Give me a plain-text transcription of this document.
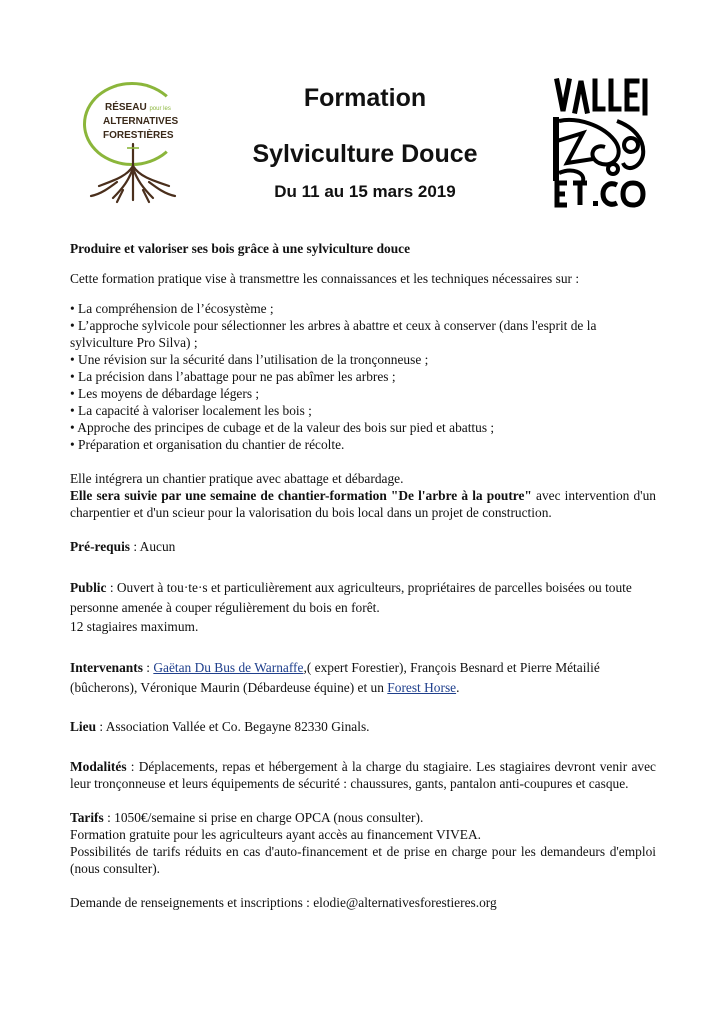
RÉSEAU pour les
ALTERNATIVES
FORESTIÈRES
Formation
Sylviculture Douce
Du 11 au 15 mars 2019

Produire et valoriser ses bois grâce à une sylviculture douce

Cette formation pratique vise à transmettre les connaissances et les techniques nécessaires sur :

• La compréhension de l’écosystème ;

• L’approche sylvicole pour sélectionner les arbres à abattre et ceux à conserver (dans l'esprit de la sylviculture Pro Silva) ;

• Une révision sur la sécurité dans l’utilisation de la tronçonneuse ;

• La précision dans l’abattage pour ne pas abîmer les arbres ;

• Les moyens de débardage légers ;

• La capacité à valoriser localement les bois ;

• Approche des principes de cubage et de la valeur des bois sur pied et abattus ;

• Préparation et organisation du chantier de récolte.

Elle intégrera un chantier pratique avec abattage et débardage.

Elle sera suivie par une semaine de chantier-formation "De l'arbre à la poutre" avec intervention d'un charpentier et d'un scieur pour la valorisation du bois local dans un projet de construction.

Pré-requis : Aucun

Public : Ouvert à tou·te·s et particulièrement aux agriculteurs, propriétaires de parcelles boisées ou toute personne amenée à couper régulièrement du bois en forêt.

12 stagiaires maximum.

Intervenants : Gaëtan Du Bus de Warnaffe,( expert Forestier), François Besnard et Pierre Métailié (bûcherons), Véronique Maurin (Débardeuse équine) et un Forest Horse.

Lieu : Association Vallée et Co. Begayne 82330 Ginals.

Modalités : Déplacements, repas et hébergement à la charge du stagiaire. Les stagiaires devront venir avec leur tronçonneuse et leurs équipements de sécurité : chaussures, gants, pantalon anti-coupures et casque.

Tarifs : 1050€/semaine si prise en charge OPCA (nous consulter).

Formation gratuite pour les agriculteurs ayant accès au financement VIVEA.

Possibilités de tarifs réduits en cas d'auto-financement et de prise en charge pour les demandeurs d'emploi (nous consulter).

Demande de renseignements et inscriptions : elodie@alternativesforestieres.org
